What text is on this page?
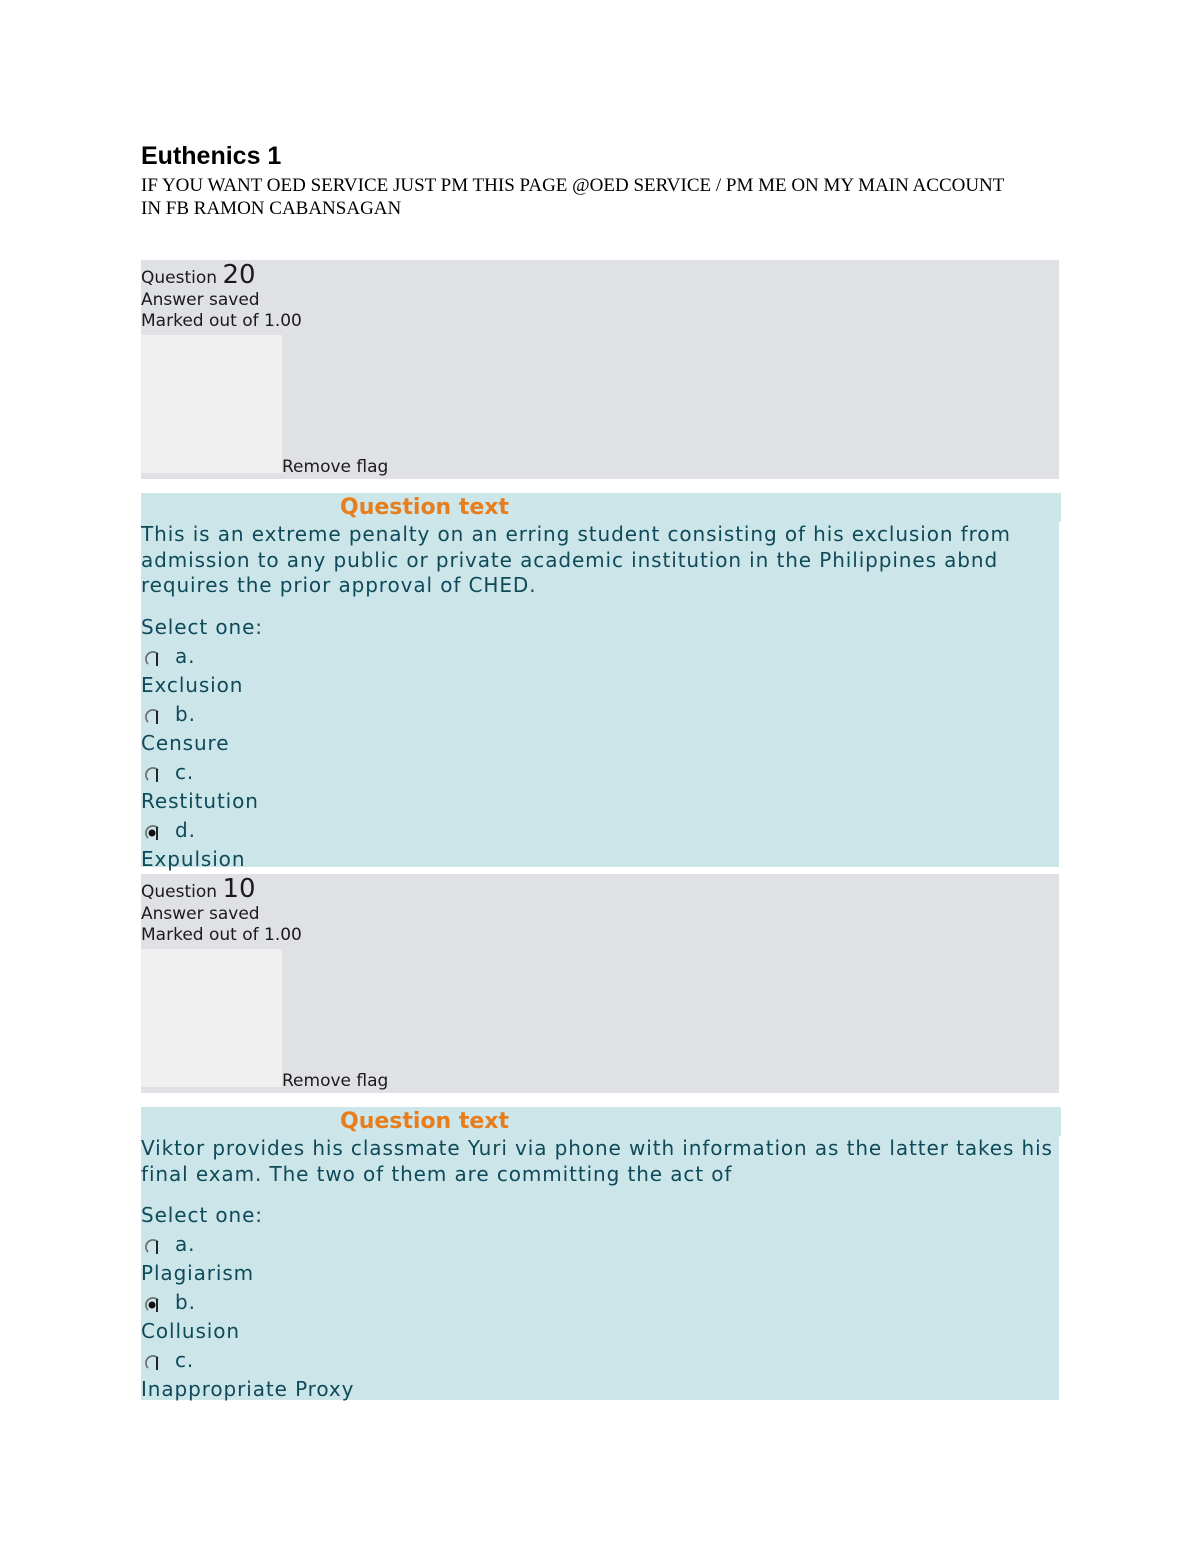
Euthenics 1

IF YOU WANT OED SERVICE JUST PM THIS PAGE @OED SERVICE / PM ME ON MY MAIN ACCOUNT IN FB RAMON CABANSAGAN

Question 20
Answer saved
Marked out of 1.00
Remove flag
Question text

This is an extreme penalty on an erring student consisting of his exclusion from admission to any public or private academic institution in the Philippines abnd requires the prior approval of CHED.

Select one:
a.
Exclusion
b.
Censure
c.
Restitution
d.
Expulsion
Question 10
Answer saved
Marked out of 1.00
Remove flag
Question text

Viktor provides his classmate Yuri via phone with information as the latter takes his final exam. The two of them are committing the act of

Select one:
a.
Plagiarism
b.
Collusion
c.
Inappropriate Proxy
